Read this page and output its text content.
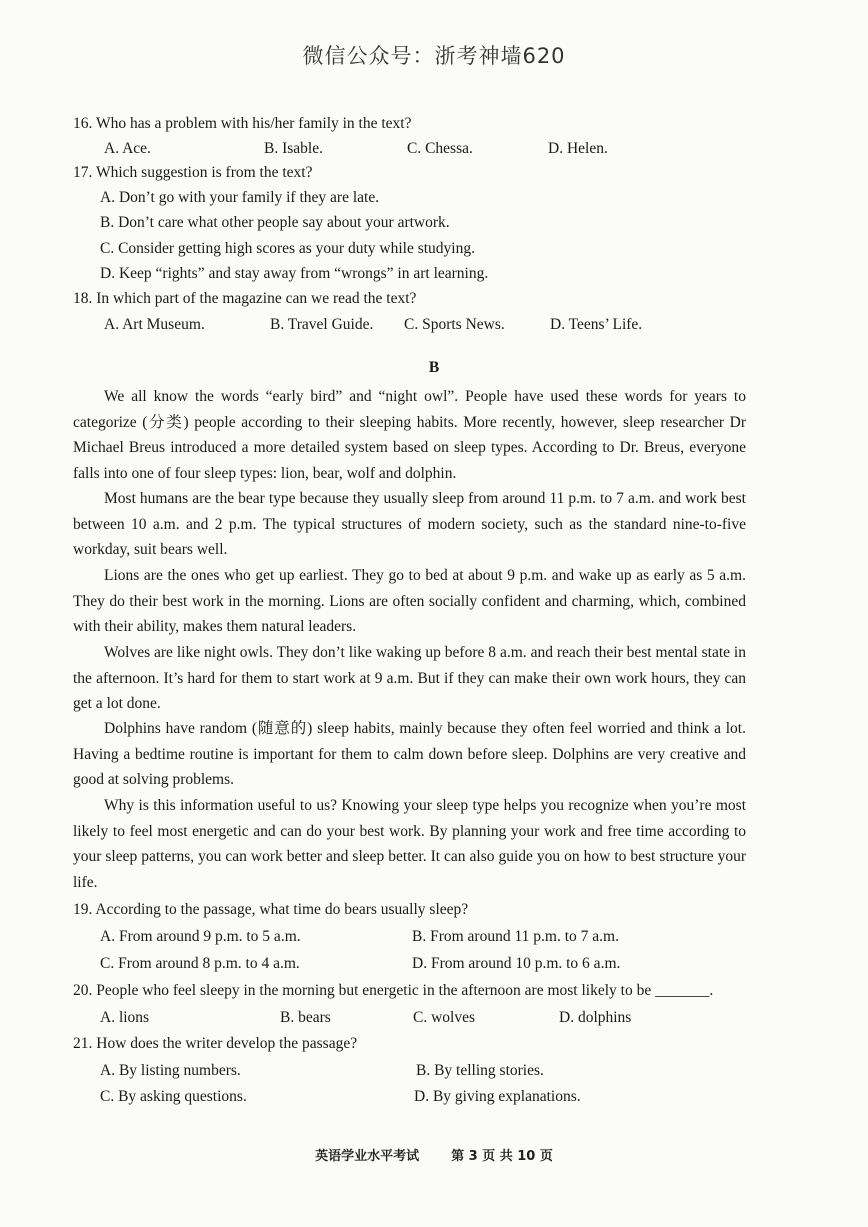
微信公众号：浙考神墙620
16. Who has a problem with his/her family in the text?
A. Ace.	B. Isable.	C. Chessa.	D. Helen.
17. Which suggestion is from the text?
A. Don’t go with your family if they are late.
B. Don’t care what other people say about your artwork.
C. Consider getting high scores as your duty while studying.
D. Keep “rights” and stay away from “wrongs” in art learning.
18. In which part of the magazine can we read the text?
A. Art Museum.	B. Travel Guide. C. Sports News.	D. Teens’ Life.
B
We all know the words “early bird” and “night owl”. People have used these words for years to categorize (分类) people according to their sleeping habits. More recently, however, sleep researcher Dr Michael Breus introduced a more detailed system based on sleep types. According to Dr. Breus, everyone falls into one of four sleep types: lion, bear, wolf and dolphin.
Most humans are the bear type because they usually sleep from around 11 p.m. to 7 a.m. and work best between 10 a.m. and 2 p.m. The typical structures of modern society, such as the standard nine-to-five workday, suit bears well.
Lions are the ones who get up earliest. They go to bed at about 9 p.m. and wake up as early as 5 a.m. They do their best work in the morning. Lions are often socially confident and charming, which, combined with their ability, makes them natural leaders.
Wolves are like night owls. They don’t like waking up before 8 a.m. and reach their best mental state in the afternoon. It’s hard for them to start work at 9 a.m. But if they can make their own work hours, they can get a lot done.
Dolphins have random (随意的) sleep habits, mainly because they often feel worried and think a lot. Having a bedtime routine is important for them to calm down before sleep. Dolphins are very creative and good at solving problems.
Why is this information useful to us? Knowing your sleep type helps you recognize when you’re most likely to feel most energetic and can do your best work. By planning your work and free time according to your sleep patterns, you can work better and sleep better. It can also guide you on how to best structure your life.
19. According to the passage, what time do bears usually sleep?
A. From around 9 p.m. to 5 a.m.	B. From around 11 p.m. to 7 a.m.
C. From around 8 p.m. to 4 a.m.	D. From around 10 p.m. to 6 a.m.
20. People who feel sleepy in the morning but energetic in the afternoon are most likely to be _______.
A. lions	B. bears	C. wolves	D. dolphins
21. How does the writer develop the passage?
A. By listing numbers.	B. By telling stories.
C. By asking questions.	D. By giving explanations.
英语学业水平考试 第 3 页 共 10 页
